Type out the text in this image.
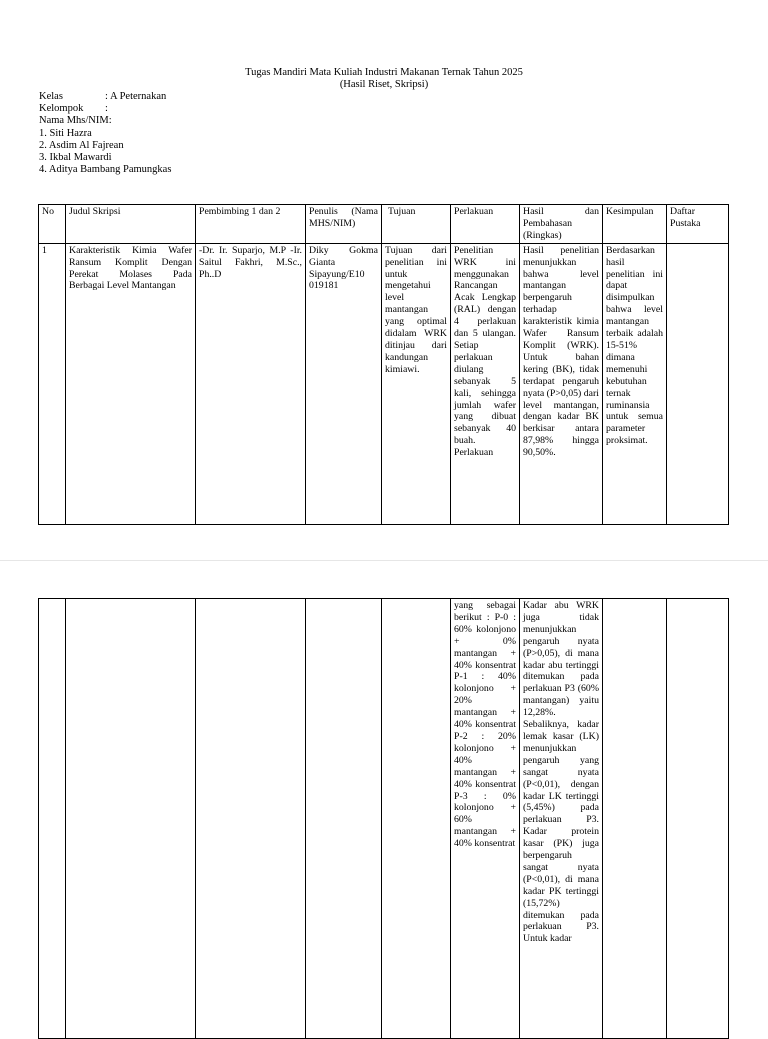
Tugas Mandiri Mata Kuliah Industri Makanan Ternak Tahun 2025
(Hasil Riset, Skripsi)
Kelas	: A Peternakan
Kelompok :
Nama Mhs/NIM:
1. Siti Hazra
2. Asdim Al Fajrean
3. Ikbal Mawardi
4. Aditya Bambang Pamungkas
No	Judul Skripsi	Pembimbing 1 dan 2	Penulis (Nama MHS/NIM)	Tujuan	Perlakuan	Hasil dan Pembahasan (Ringkas)	Kesimpulan	Daftar Pustaka
1	Karakteristik Kimia Wafer Ransum Komplit Dengan Perekat Molases Pada Berbagai Level Mantangan	-Dr. Ir. Suparjo, M.P -Ir. Saitul Fakhri, M.Sc., Ph..D	Diky Gokma Gianta Sipayung/E10 019181	Tujuan dari penelitian ini untuk mengetahui level mantangan yang optimal didalam WRK ditinjau dari kandungan kimiawi.	Penelitian WRK ini menggunakan Rancangan Acak Lengkap (RAL) dengan 4 perlakuan dan 5 ulangan. Setiap perlakuan diulang sebanyak 5 kali, sehingga jumlah wafer yang dibuat sebanyak 40 buah. Perlakuan	Hasil penelitian menunjukkan bahwa level mantangan berpengaruh terhadap karakteristik kimia Wafer Ransum Komplit (WRK). Untuk bahan kering (BK), tidak terdapat pengaruh nyata (P>0,05) dari level mantangan, dengan kadar BK berkisar antara 87,98% hingga 90,50%.	Berdasarkan hasil penelitian ini dapat disimpulkan bahwa level mantangan terbaik adalah 15-51% dimana memenuhi kebutuhan ternak ruminansia untuk semua parameter proksimat.	
					yang sebagai berikut : P-0 : 60% kolonjono + 0% mantangan + 40% konsentrat P-1 : 40% kolonjono + 20% mantangan + 40% konsentrat P-2 : 20% kolonjono + 40% mantangan + 40% konsentrat P-3 : 0% kolonjono + 60% mantangan + 40% konsentrat	Kadar abu WRK juga tidak menunjukkan pengaruh nyata (P>0,05), di mana kadar abu tertinggi ditemukan pada perlakuan P3 (60% mantangan) yaitu 12,28%. Sebaliknya, kadar lemak kasar (LK) menunjukkan pengaruh yang sangat nyata (P<0,01), dengan kadar LK tertinggi (5,45%) pada perlakuan P3. Kadar protein kasar (PK) juga berpengaruh sangat nyata (P<0,01), di mana kadar PK tertinggi (15,72%) ditemukan pada perlakuan P3. Untuk kadar		
